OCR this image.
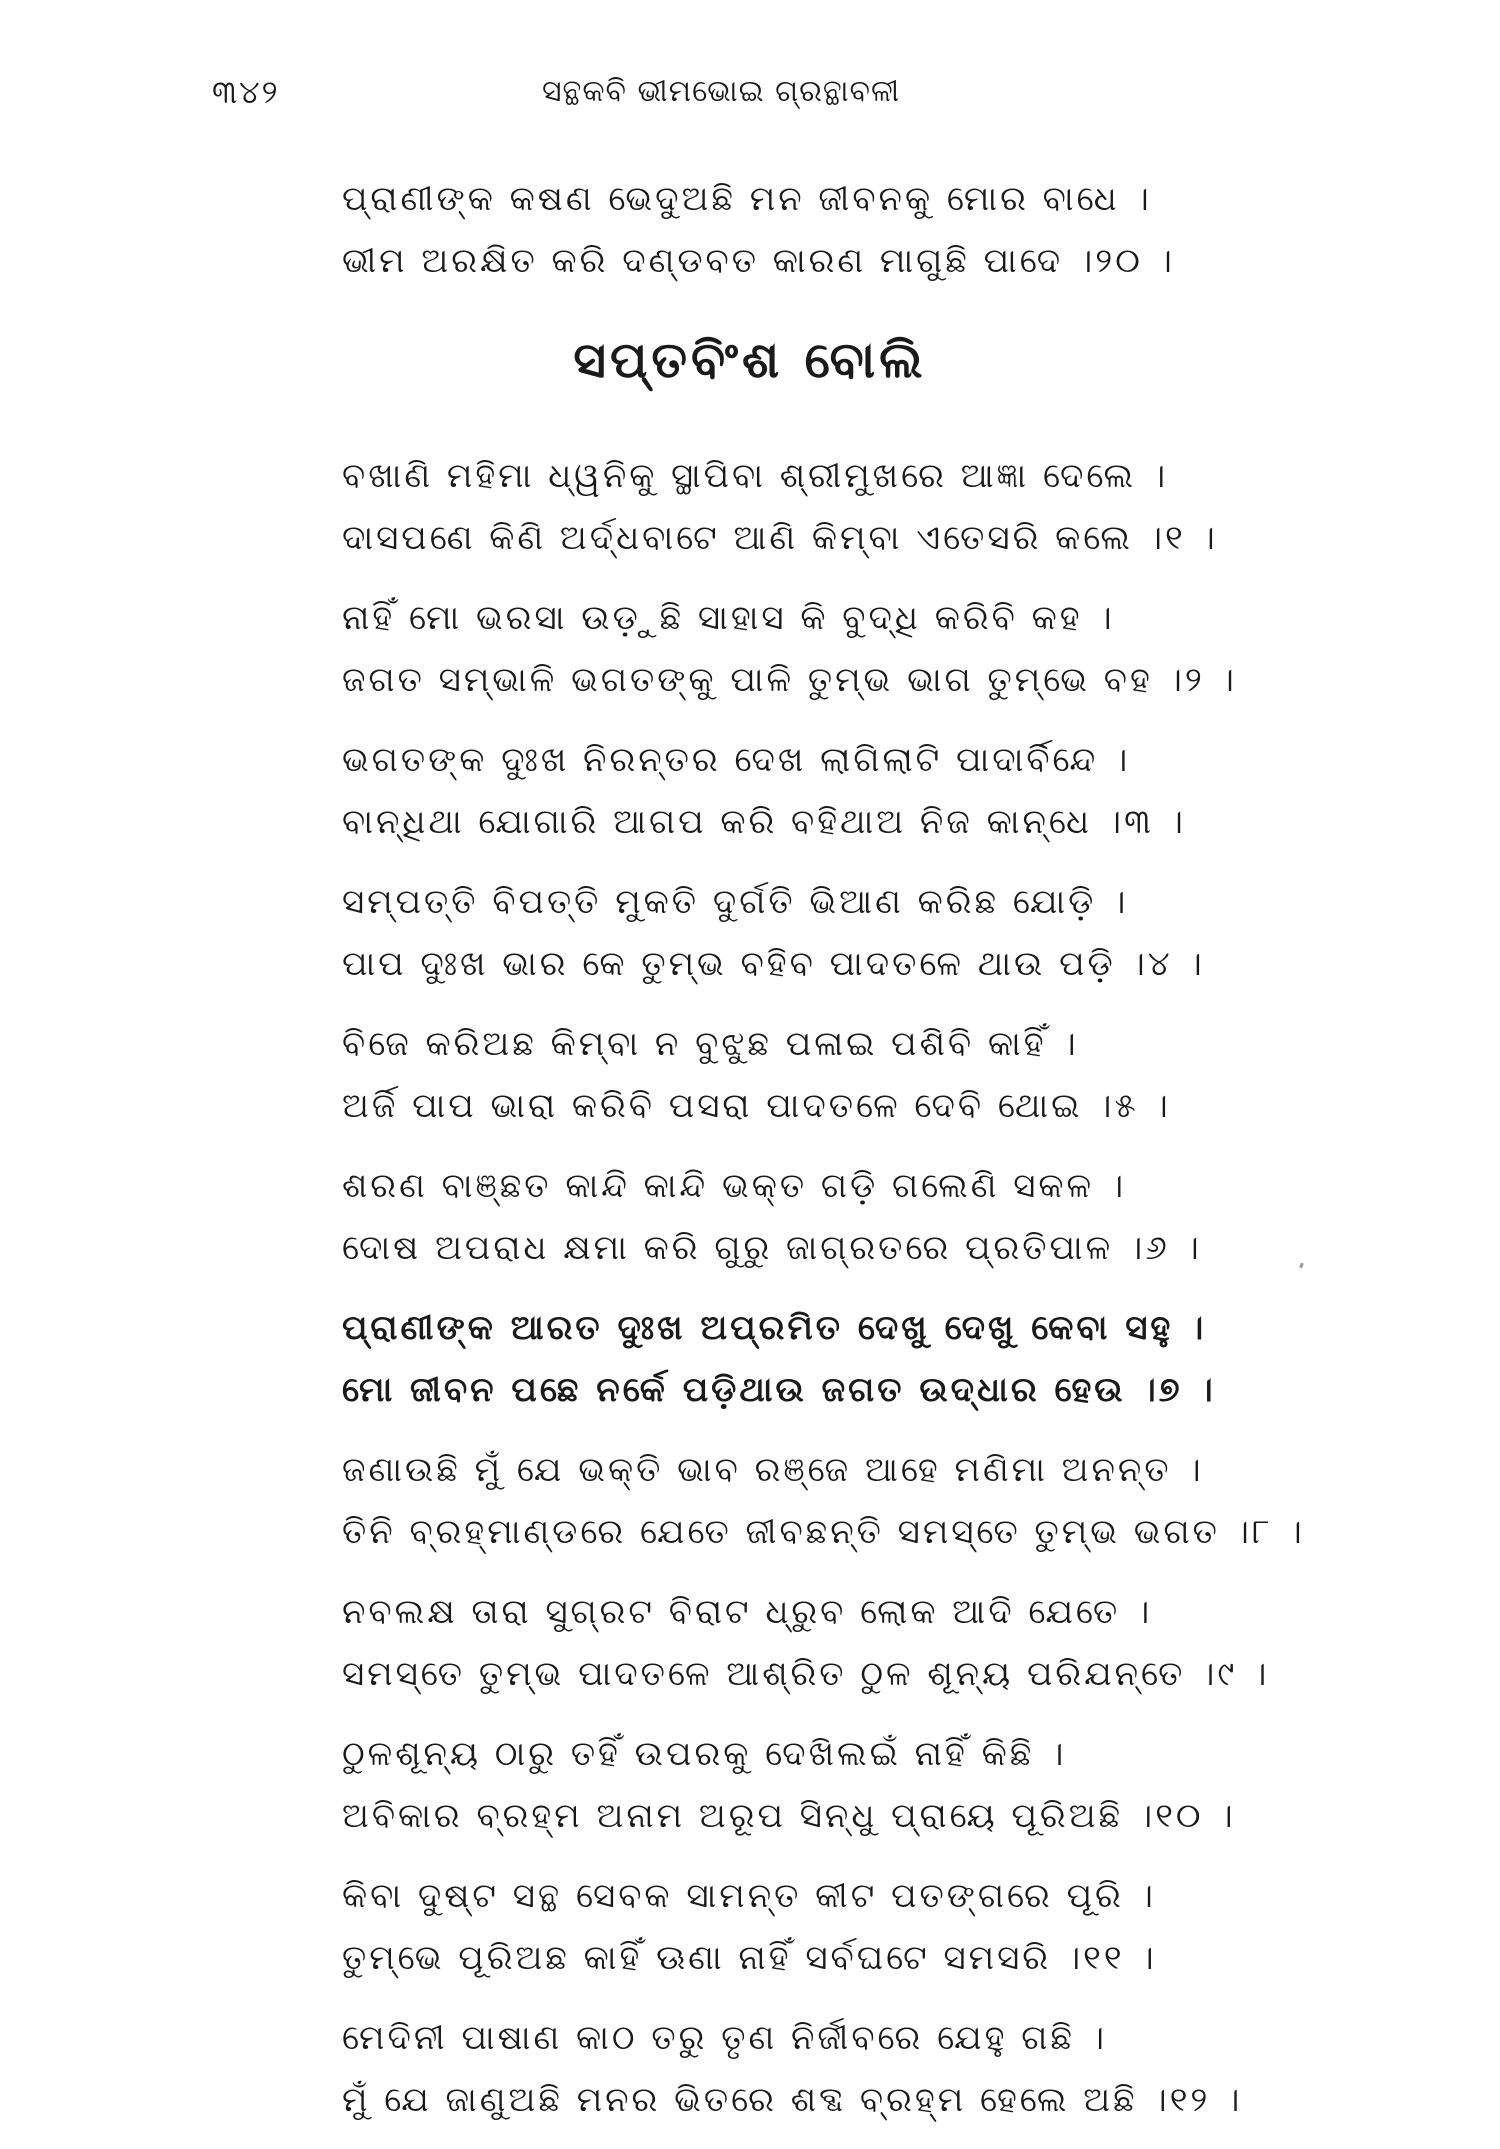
୩୪୨	ସନ୍ଥକବି ଭୀମଭୋଇ ଗ୍ରନ୍ଥାବଳୀ
ପ୍ରାଣୀଙ୍କ କଷଣ ଭେଦୁଅଛି ମନ ଜୀବନକୁ ମୋର ବାଧେ ।
ଭୀମ ଅରକ୍ଷିତ କରି ଦଣ୍ଡବତ କାରଣ ମାଗୁଛି ପାଦେ ।୨୦ ।
ସପ୍ତବିଂଶ ବୋଲି
ବଖାଣି ମହିମା ଧ୍ୱନିକୁ ସ୍ଥାପିବା ଶ୍ରୀମୁଖରେ ଆଜ୍ଞା ଦେଲେ ।
ଦାସପଣେ କିଣି ଅର୍ଦ୍ଧବାଟେ ଆଣି କିମ୍ବା ଏତେସରି କଲେ ।୧ ।
ନାହିଁ ମୋ ଭରସା ଉଡ଼ୁଛି ସାହାସ କି ବୁଦ୍ଧି କରିବି କହ ।
ଜଗତ ସମ୍ଭାଳି ଭଗତଙ୍କୁ ପାଳି ତୁମ୍ଭ ଭାଗ ତୁମ୍ଭେ ବହ ।୨ ।
ଭଗତଙ୍କ ଦୁଃଖ ନିରନ୍ତର ଦେଖ ଲାଗିଲାଟି ପାଦାର୍ବିନ୍ଦେ ।
ବାନ୍ଧିଥା ଯୋଗାରି ଆଗପ କରି ବହିଥାଅ ନିଜ କାନ୍ଧେ ।୩ ।
ସମ୍ପତ୍ତି ବିପତ୍ତି ମୁକତି ଦୁର୍ଗତି ଭିଆଣ କରିଛ ଯୋଡ଼ି ।
ପାପ ଦୁଃଖ ଭାର କେ ତୁମ୍ଭ ବହିବ ପାଦତଳେ ଥାଉ ପଡ଼ି ।୪ ।
ବିଜେ କରିଅଛ କିମ୍ବା ନ ବୁଝୁଛ ପଳାଇ ପଶିବି କାହିଁ ।
ଅର୍ଜି ପାପ ଭାରା କରିବି ପସରା ପାଦତଳେ ଦେବି ଥୋଇ ।୫ ।
ଶରଣ ବାଞ୍ଛତ କାନ୍ଦି କାନ୍ଦି ଭକ୍ତ ଗଡ଼ି ଗଲେଣି ସକଳ ।
ଦୋଷ ଅପରାଧ କ୍ଷମା କରି ଗୁରୁ ଜାଗ୍ରତରେ ପ୍ରତିପାଳ ।୬ ।
ପ୍ରାଣୀଙ୍କ ଆରତ ଦୁଃଖ ଅପ୍ରମିତ ଦେଖୁ ଦେଖୁ କେବା ସହୁ ।
ମୋ ଜୀବନ ପଛେ ନର୍କେ ପଡ଼ିଥାଉ ଜଗତ ଉଦ୍ଧାର ହେଉ ।୭ ।
ଜଣାଉଛି ମୁଁ ଯେ ଭକ୍ତି ଭାବ ରଞ୍ଜେ ଆହେ ମଣିମା ଅନନ୍ତ ।
ତିନି ବ୍ରହ୍ମାଣ୍ଡରେ ଯେତେ ଜୀବଛନ୍ତି ସମସ୍ତେ ତୁମ୍ଭ ଭଗତ ।୮ ।
ନବଲକ୍ଷ ତାରା ସୁଗ୍ରଟ ବିରାଟ ଧ୍ରୁବ ଲୋକ ଆଦି ଯେତେ ।
ସମସ୍ତେ ତୁମ୍ଭ ପାଦତଳେ ଆଶ୍ରିତ ଠୁଳ ଶୂନ୍ୟ ପରିଯନ୍ତେ ।୯ ।
ଠୁଳଶୂନ୍ୟ ଠାରୁ ତହିଁ ଉପରକୁ ଦେଖିଲଇଁ ନାହିଁ କିଛି ।
ଅବିକାର ବ୍ରହ୍ମ ଅନାମ ଅରୂପ ସିନ୍ଧୁ ପ୍ରାୟେ ପୂରିଅଛି ।୧୦ ।
କିବା ଦୁଷ୍ଟ ସନ୍ଥ ସେବକ ସାମନ୍ତ କୀଟ ପତଙ୍ଗରେ ପୂରି ।
ତୁମ୍ଭେ ପୂରିଅଛ କାହିଁ ଊଣା ନାହିଁ ସର୍ବଘଟେ ସମସରି ।୧୧ ।
ମେଦିନୀ ପାଷାଣ କାଠ ତରୁ ତୃଣ ନିର୍ଜୀବରେ ଯେହୁ ଗଛି ।
ମୁଁ ଯେ ଜାଣୁଅଛି ମନର ଭିତରେ ଶବ୍ଦ ବ୍ରହ୍ମ ହେଲେ ଅଛି ।୧୨ ।
